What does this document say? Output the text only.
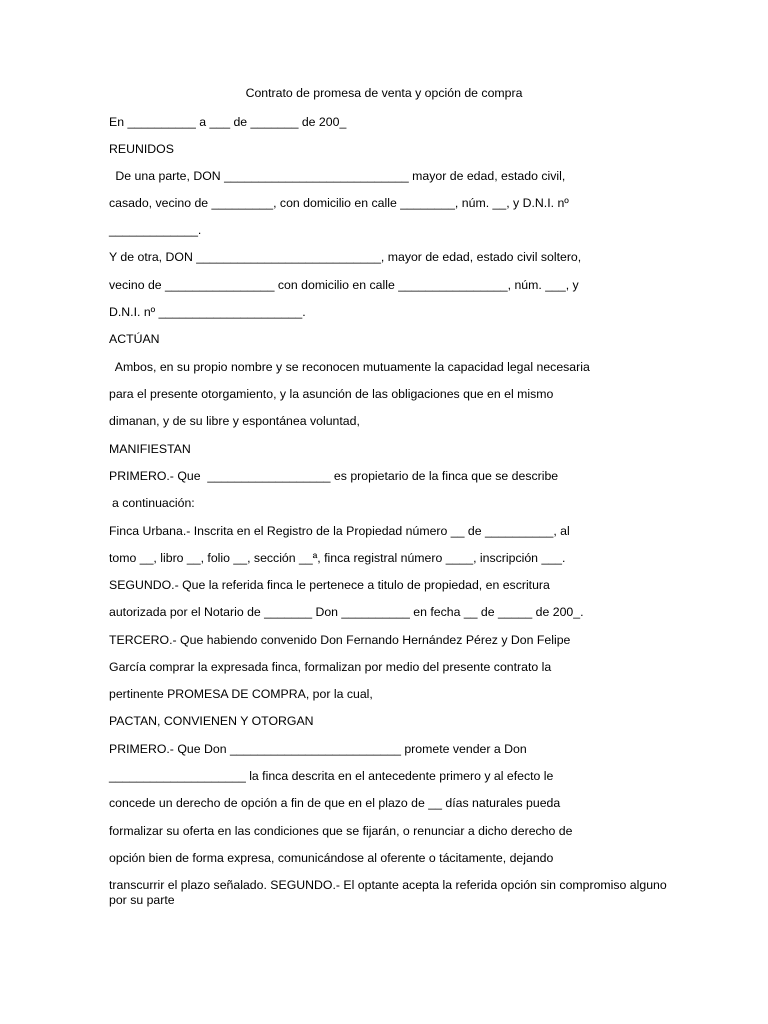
Contrato de promesa de venta y opción de compra
En __________ a ___ de _______ de 200_
REUNIDOS
De una parte, DON ___________________________ mayor de edad, estado civil,
casado, vecino de _________, con domicilio en calle ________, núm. __, y D.N.I. nº
_____________.
Y de otra, DON ___________________________, mayor de edad, estado civil soltero,
vecino de ________________ con domicilio en calle ________________, núm. ___, y
D.N.I. nº _____________________.
ACTÚAN
Ambos, en su propio nombre y se reconocen mutuamente la capacidad legal necesaria
para el presente otorgamiento, y la asunción de las obligaciones que en el mismo
dimanan, y de su libre y espontánea voluntad,
MANIFIESTAN
PRIMERO.- Que  __________________ es propietario de la finca que se describe
a continuación:
Finca Urbana.- Inscrita en el Registro de la Propiedad número __ de __________, al
tomo __, libro __, folio __, sección __ª, finca registral número ____, inscripción ___.
SEGUNDO.- Que la referida finca le pertenece a titulo de propiedad, en escritura
autorizada por el Notario de _______ Don __________ en fecha __ de _____ de 200_.
TERCERO.- Que habiendo convenido Don Fernando Hernández Pérez y Don Felipe
García comprar la expresada finca, formalizan por medio del presente contrato la
pertinente PROMESA DE COMPRA, por la cual,
PACTAN, CONVIENEN Y OTORGAN
PRIMERO.- Que Don _________________________ promete vender a Don
____________________ la finca descrita en el antecedente primero y al efecto le
concede un derecho de opción a fin de que en el plazo de __ días naturales pueda
formalizar su oferta en las condiciones que se fijarán, o renunciar a dicho derecho de
opción bien de forma expresa, comunicándose al oferente o tácitamente, dejando
transcurrir el plazo señalado. SEGUNDO.- El optante acepta la referida opción sin compromiso alguno por su parte
